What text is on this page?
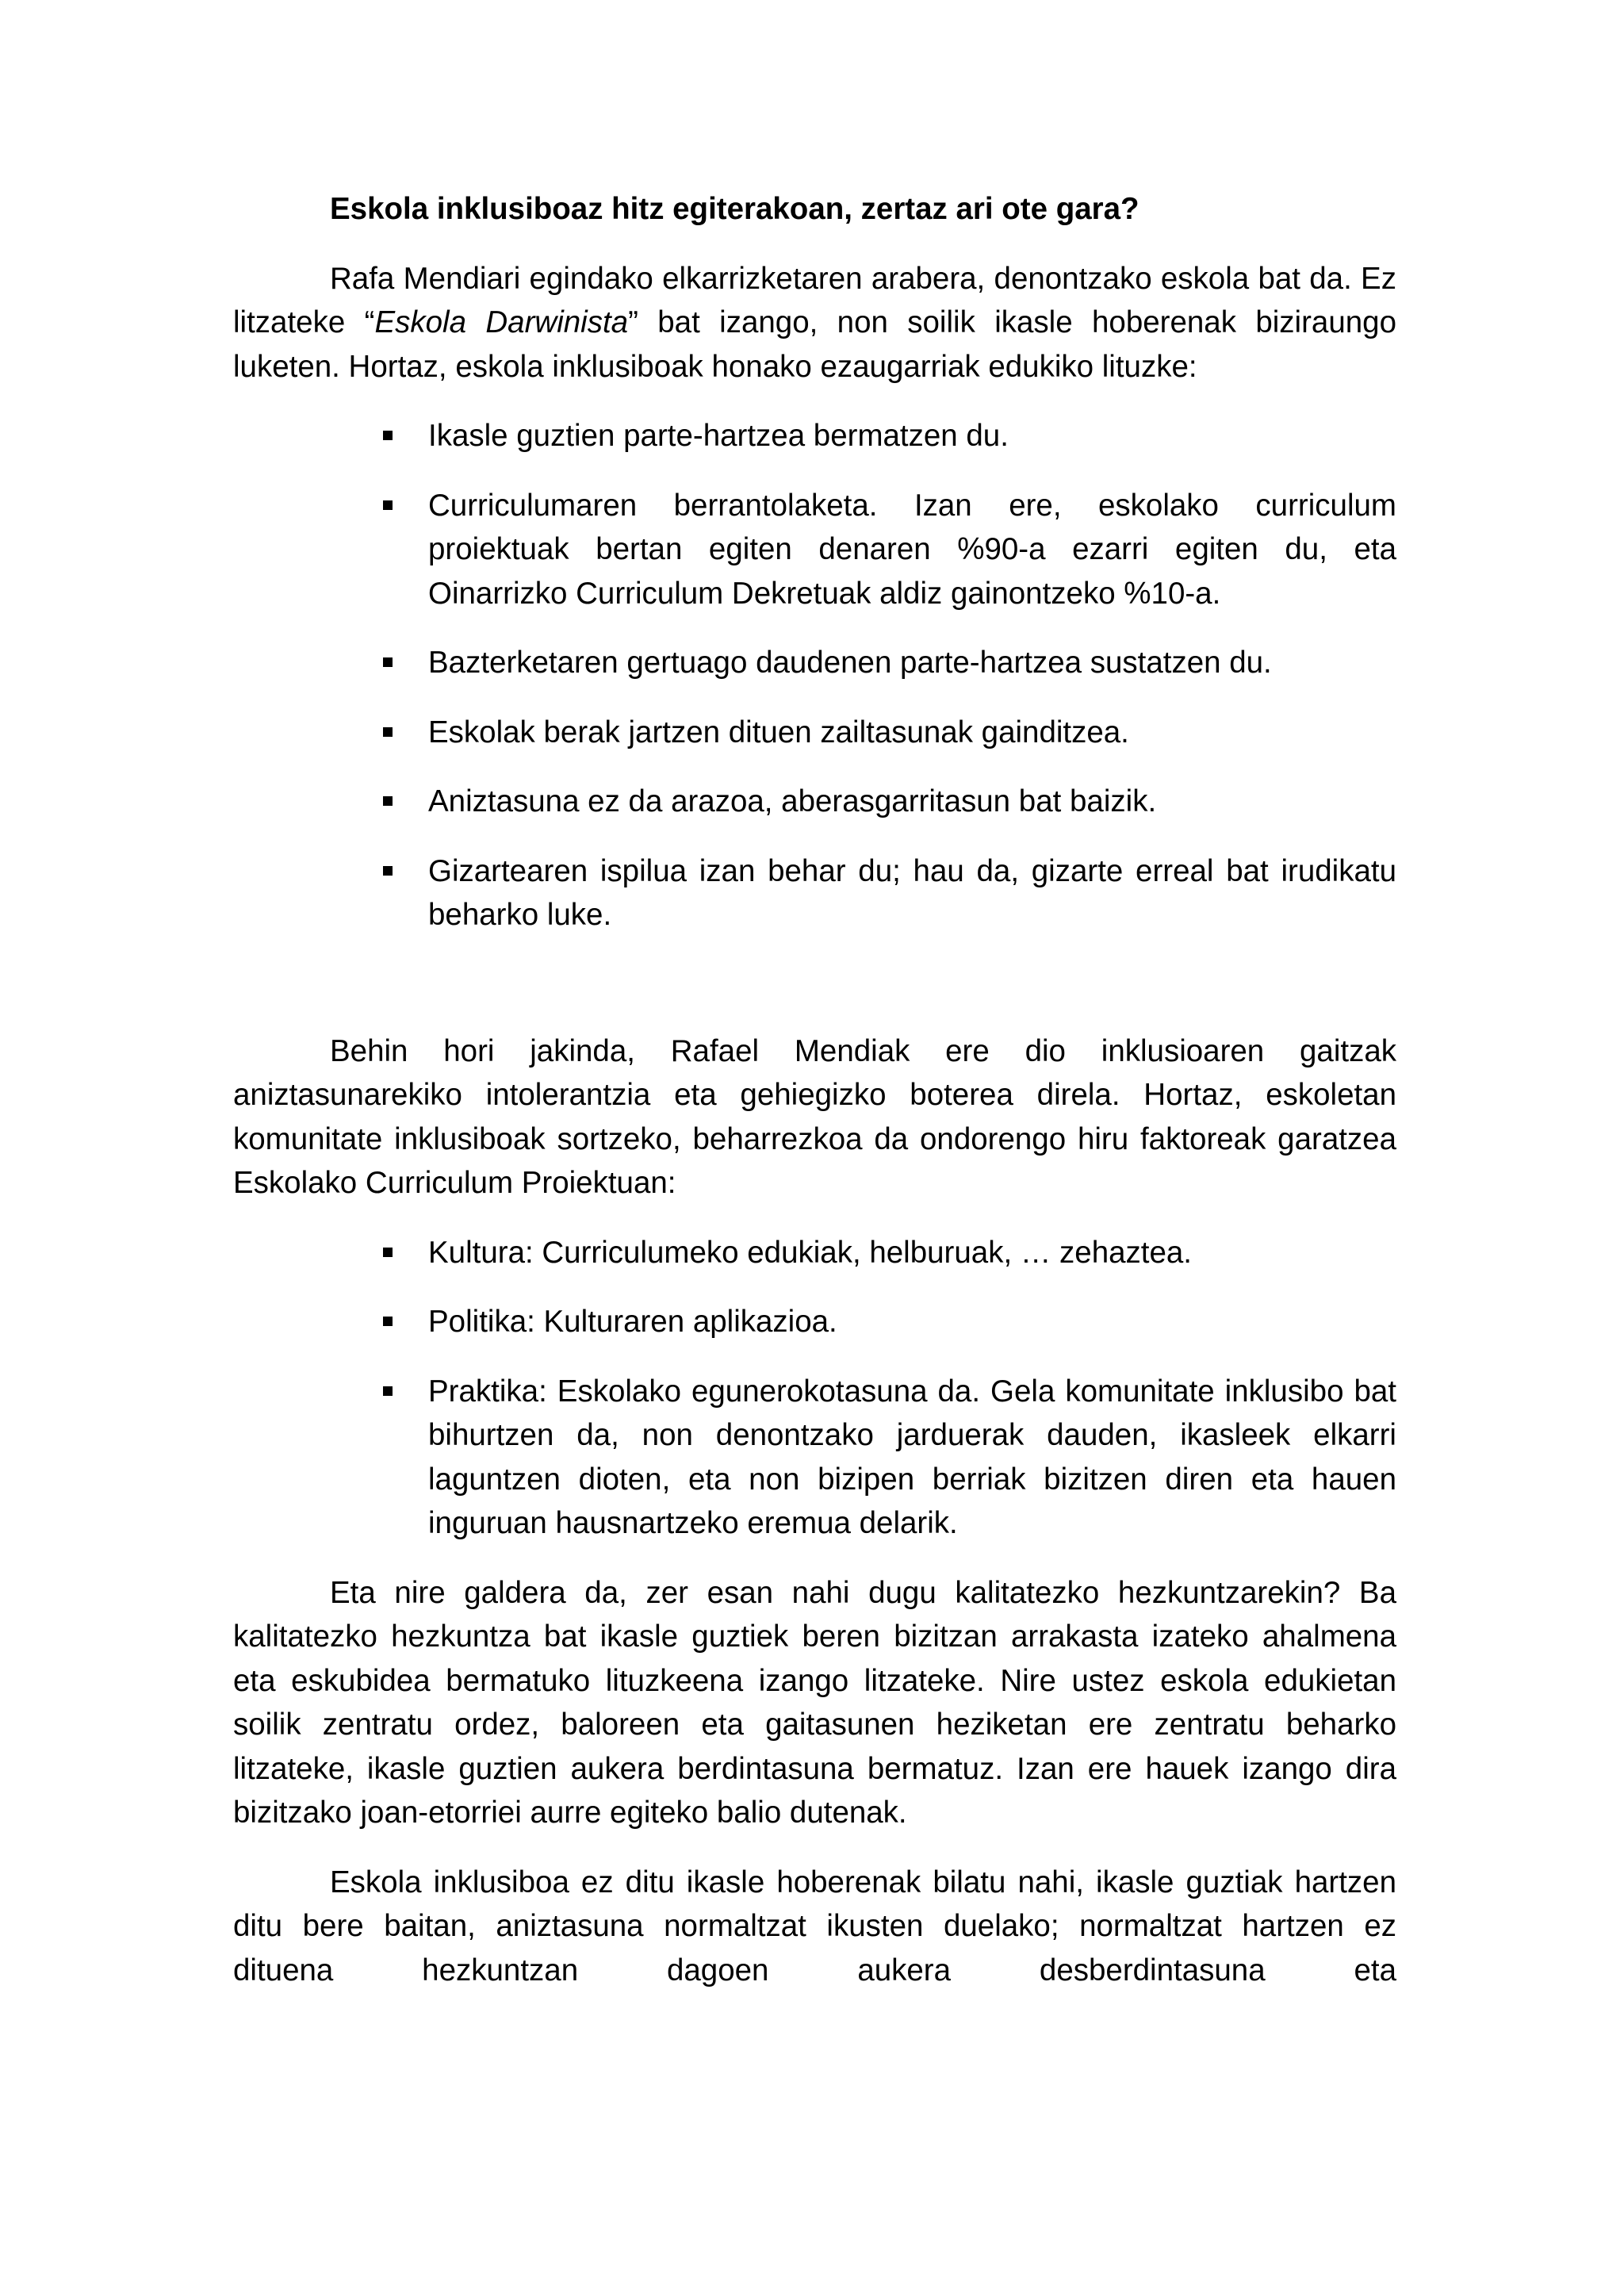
Eskola inklusiboaz hitz egiterakoan, zertaz ari ote gara?

Rafa Mendiari egindako elkarrizketaren arabera, denontzako eskola bat da. Ez litzateke “Eskola Darwinista” bat izango, non soilik ikasle hoberenak biziraungo luketen. Hortaz, eskola inklusiboak honako ezaugarriak edukiko lituzke:

Ikasle guztien parte-hartzea bermatzen du.
Curriculumaren berrantolaketa. Izan ere, eskolako curriculum proiektuak bertan egiten denaren %90-a ezarri egiten du, eta Oinarrizko Curriculum Dekretuak aldiz gainontzeko %10-a.
Bazterketaren gertuago daudenen parte-hartzea sustatzen du.
Eskolak berak jartzen dituen zailtasunak gainditzea.
Aniztasuna ez da arazoa, aberasgarritasun bat baizik.
Gizartearen ispilua izan behar du; hau da, gizarte erreal bat irudikatu beharko luke.

Behin hori jakinda, Rafael Mendiak ere dio inklusioaren gaitzak aniztasunarekiko intolerantzia eta gehiegizko boterea direla. Hortaz, eskoletan komunitate inklusiboak sortzeko, beharrezkoa da ondorengo hiru faktoreak garatzea Eskolako Curriculum Proiektuan:

Kultura: Curriculumeko edukiak, helburuak, … zehaztea.
Politika: Kulturaren aplikazioa.
Praktika: Eskolako egunerokotasuna da. Gela komunitate inklusibo bat bihurtzen da, non denontzako jarduerak dauden, ikasleek elkarri laguntzen dioten, eta non bizipen berriak bizitzen diren eta hauen inguruan hausnartzeko eremua delarik.

Eta nire galdera da, zer esan nahi dugu kalitatezko hezkuntzarekin? Ba kalitatezko hezkuntza bat ikasle guztiek beren bizitzan arrakasta izateko ahalmena eta eskubidea bermatuko lituzkeena izango litzateke. Nire ustez eskola edukietan soilik zentratu ordez, baloreen eta gaitasunen heziketan ere zentratu beharko litzateke, ikasle guztien aukera berdintasuna bermatuz. Izan ere hauek izango dira bizitzako joan-etorriei aurre egiteko balio dutenak.

Eskola inklusiboa ez ditu ikasle hoberenak bilatu nahi, ikasle guztiak hartzen ditu bere baitan, aniztasuna normaltzat ikusten duelako; normaltzat hartzen ez dituena hezkuntzan dagoen aukera desberdintasuna eta
